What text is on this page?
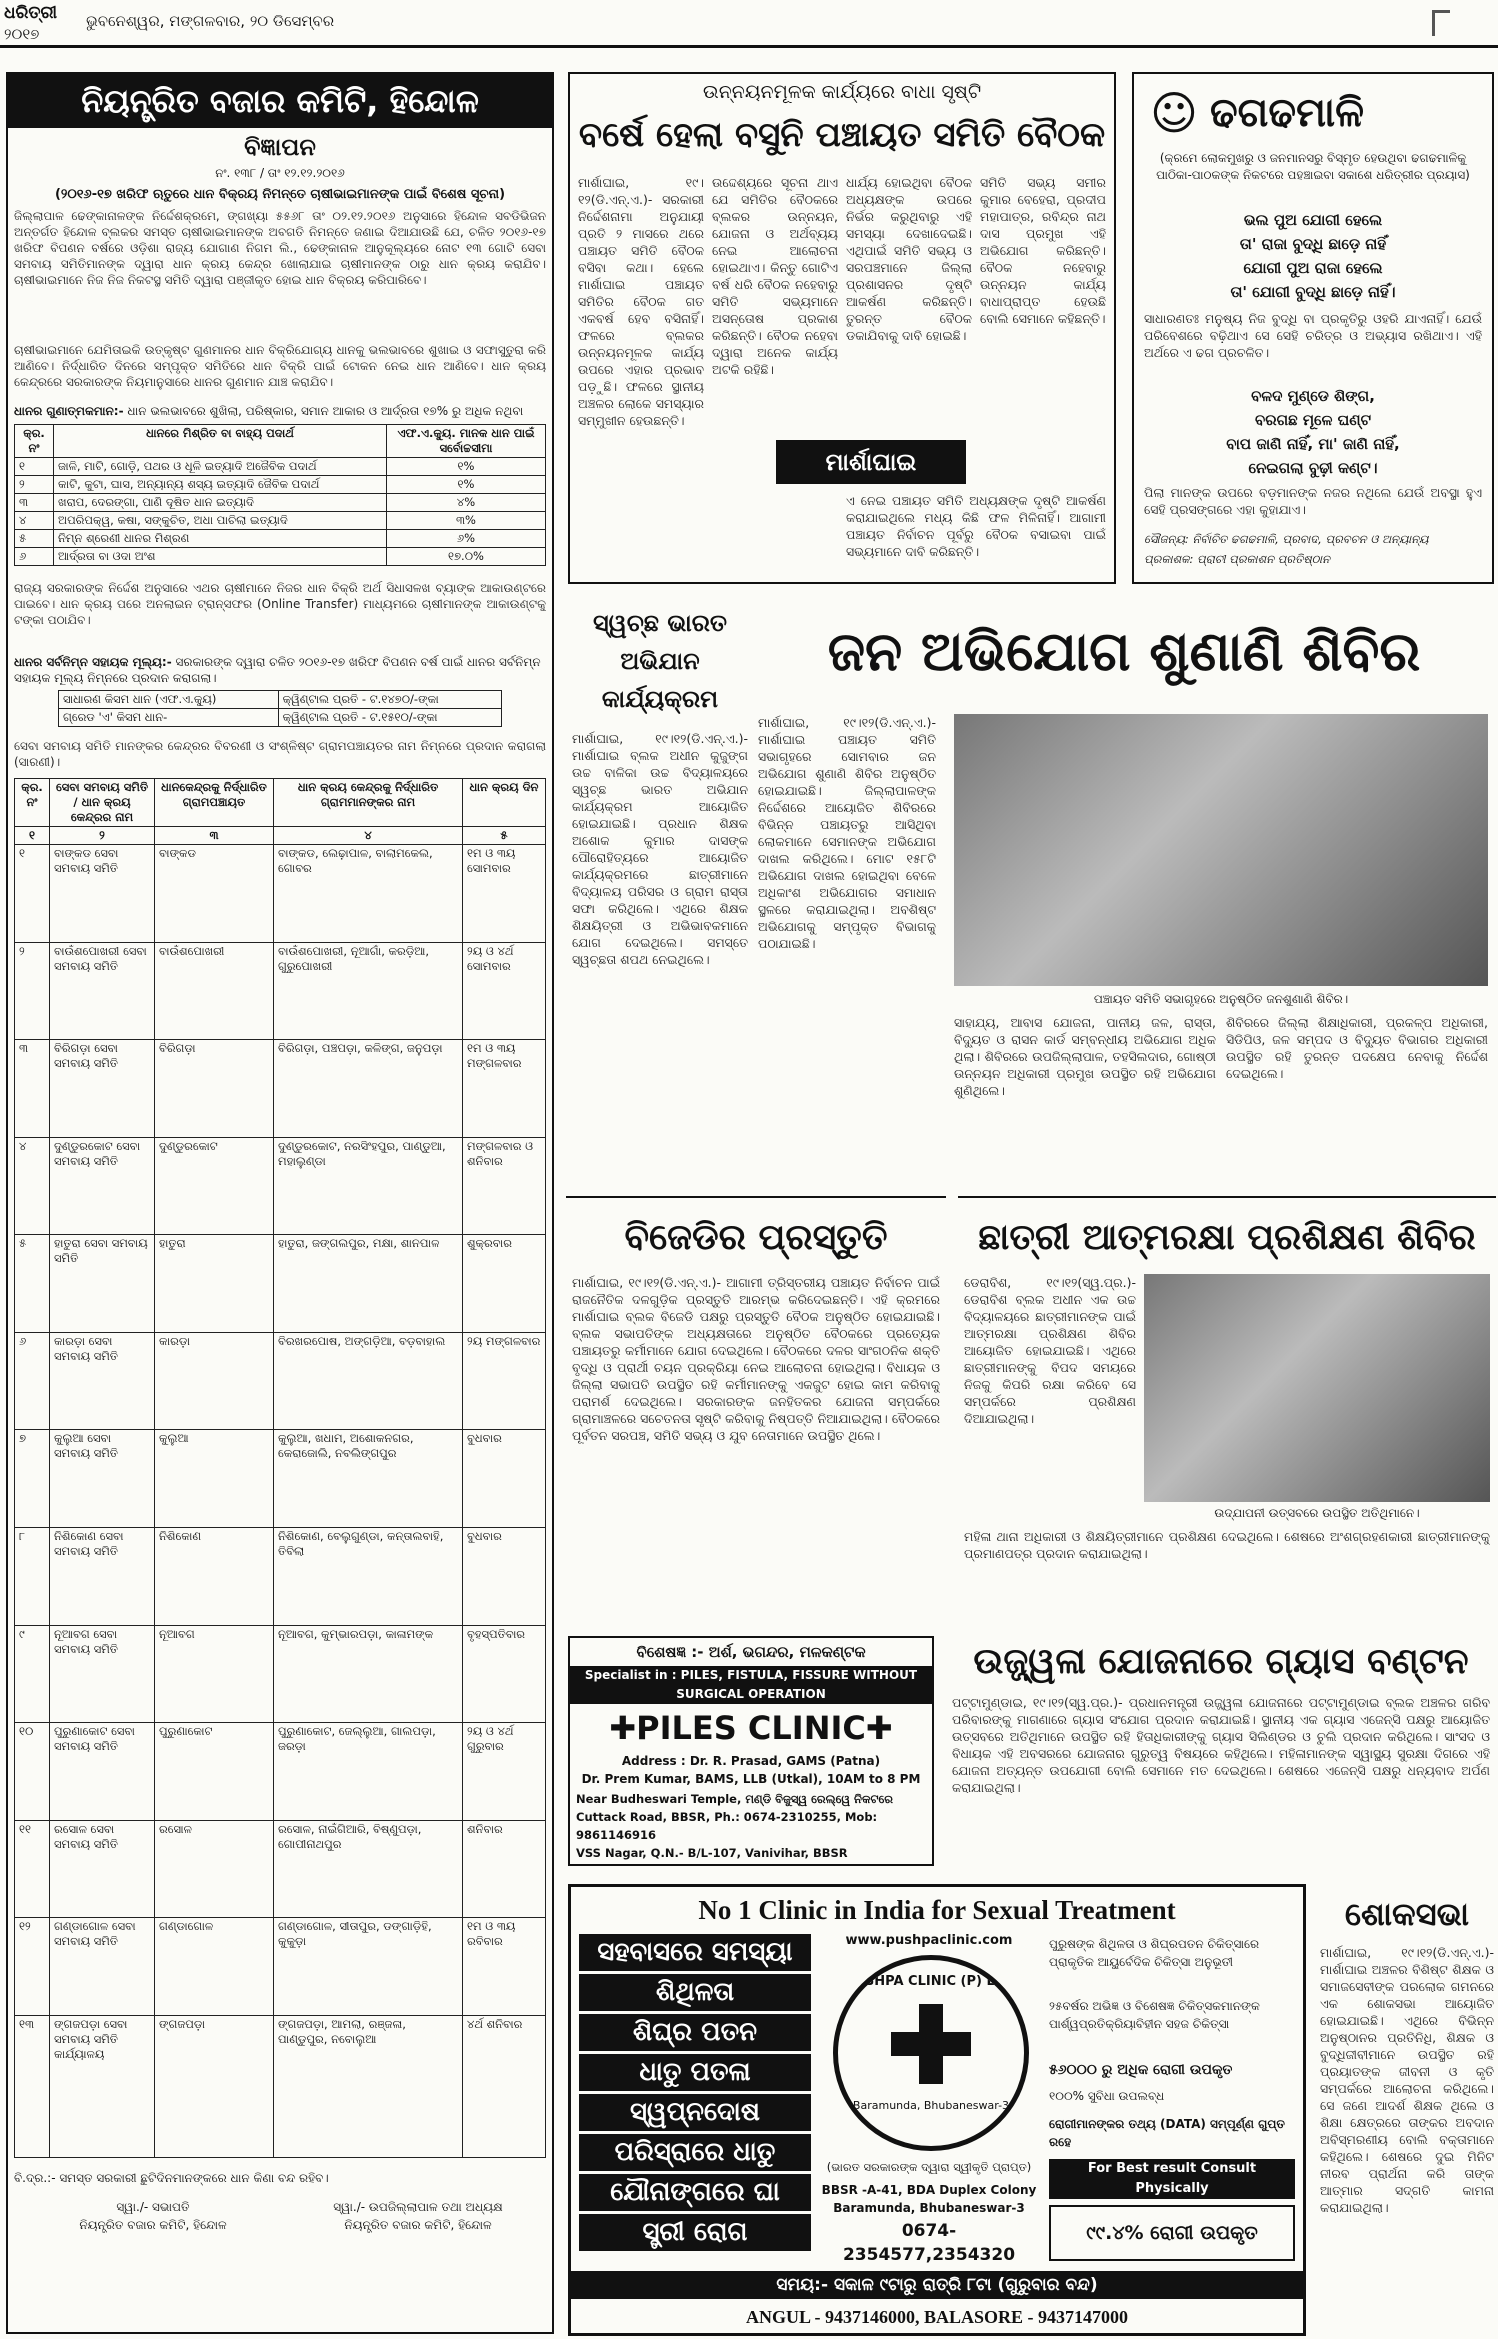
ଧରିତ୍ରୀ
୨୦୧୭
ଭୁବନେଶ୍ୱର, ମଙ୍ଗଳବାର, ୨୦ ଡିସେମ୍ବର
ନିୟନ୍ତ୍ରିତ ବଜାର କମିଟି, ହିନ୍ଦୋଳ
ବିଜ୍ଞାପନ
ନଂ. ୧୩୮ / ତାଂ ୧୨.୧୨.୨୦୧୬
(୨୦୧୬-୧୭ ଖରିଫ ଋତୁରେ ଧାନ ବିକ୍ରୟ ନିମନ୍ତେ ଚାଷୀଭାଇମାନଙ୍କ ପାଇଁ ବିଶେଷ ସୂଚନା)
ଜିଲ୍ଲାପାଳ ଢେଙ୍କାନାଳଙ୍କ ନିର୍ଦ୍ଦେଶକ୍ରମେ, ଙ୍ଗଖ୍ୟା ୫୫୬୮ ତାଂ ୦୨.୧୨.୨୦୧୬ ଅନୁସାରେ ହିନ୍ଦୋଳ ସବଡିଭିଜନ ଅନ୍ତର୍ଗତ ହିନ୍ଦୋଳ ବ୍ଲକର ସମସ୍ତ ଚାଷୀଭାଇମାନଙ୍କ ଅବଗତି ନିମନ୍ତେ ଜଣାଇ ଦିଆଯାଉଛି ଯେ, ଚଳିତ ୨୦୧୬-୧୭ ଖରିଫ ବିପଣନ ବର୍ଷରେ ଓଡ଼ିଶା ରାଜ୍ୟ ଯୋଗାଣ ନିଗମ ଲି., ଢେଙ୍କାନାଳ ଆନୁକୂଲ୍ୟରେ ନୋଟ ୧୩ ଗୋଟି ସେବା ସମବାୟ ସମିତିମାନଙ୍କ ଦ୍ୱାରା ଧାନ କ୍ରୟ କେନ୍ଦ୍ର ଖୋଲାଯାଇ ଚାଷୀମାନଙ୍କ ଠାରୁ ଧାନ କ୍ରୟ କରାଯିବ। ଚାଷୀଭାଇମାନେ ନିଜ ନିଜ ନିକଟସ୍ଥ ସମିତି ଦ୍ୱାରା ପଞ୍ଜୀକୃତ ହୋଇ ଧାନ ବିକ୍ରୟ କରିପାରିବେ।
ଚାଷୀଭାଇମାନେ ଯେମିତାଇକି ଉତ୍କୃଷ୍ଟ ଗୁଣମାନର ଧାନ ବିକ୍ରିଯୋଗ୍ୟ ଧାନକୁ ଭଲଭାବରେ ଶୁଖାଇ ଓ ସଫାସୁତୁରା କରି ଆଣିବେ। ନିର୍ଦ୍ଧାରିତ ଦିନରେ ସମ୍ପୃକ୍ତ ସମିତିରେ ଧାନ ବିକ୍ରି ପାଇଁ ଟୋକନ ନେଇ ଧାନ ଆଣିବେ। ଧାନ କ୍ରୟ କେନ୍ଦ୍ରରେ ସରକାରଙ୍କ ନିୟମାନୁସାରେ ଧାନର ଗୁଣମାନ ଯାଞ୍ଚ କରାଯିବ।
ଧାନର ଗୁଣାତ୍ମକମାନ:- ଧାନ ଭଲଭାବରେ ଶୁଖିଲା, ପରିଷ୍କାର, ସମାନ ଆକାର ଓ ଆର୍ଦ୍ରତା ୧୭% ରୁ ଅଧିକ ନଥିବା
କ୍ର. ନଂ	ଧାନରେ ମିଶ୍ରିତ ବା ବାହ୍ୟ ପଦାର୍ଥ	ଏଫ.ଏ.କ୍ୟୁ. ମାନକ ଧାନ ପାଇଁ ସର୍ବୋଚ୍ଚସୀମା
୧	ଜାଳି, ମାଟି, ଗୋଡ଼ି, ପଥର ଓ ଧୂଳି ଇତ୍ୟାଦି ଅଜୈବିକ ପଦାର୍ଥ	୧%
୨	କାଟି, କୁଟା, ଘାସ, ଅନ୍ୟାନ୍ୟ ଶସ୍ୟ ଇତ୍ୟାଦି ଜୈବିକ ପଦାର୍ଥ	୧%
୩	ଖରାପ, ଦେରଙ୍ଗା, ପାଣି ଦୂଷିତ ଧାନ ଇତ୍ୟାଦି	୪%
୪	ଅପରିପକ୍ୱ, କଷା, ସଙ୍କୁଚିତ, ଅଧା ପାଚିଲା ଇତ୍ୟାଦି	୩%
୫	ନିମ୍ନ ଶ୍ରେଣୀ ଧାନର ମିଶ୍ରଣ	୬%
୬	ଆର୍ଦ୍ରତା ବା ଓଦା ଅଂଶ	୧୭.୦%
ରାଜ୍ୟ ସରକାରଙ୍କ ନିର୍ଦ୍ଦେଶ ଅନୁସାରେ ଏଥର ଚାଷୀମାନେ ନିଜର ଧାନ ବିକ୍ରି ଅର୍ଥ ସିଧାସଳଖ ବ୍ୟାଙ୍କ ଆକାଉଣ୍ଟରେ ପାଇବେ। ଧାନ କ୍ରୟ ପରେ ଅନଲାଇନ ଟ୍ରାନ୍ସଫର (Online Transfer) ମାଧ୍ୟମରେ ଚାଷୀମାନଙ୍କ ଆକାଉଣ୍ଟକୁ ଟଙ୍କା ପଠାଯିବ।
ଧାନର ସର୍ବନିମ୍ନ ସହାୟକ ମୂଲ୍ୟ:- ସରକାରଙ୍କ ଦ୍ୱାରା ଚଳିତ ୨୦୧୬-୧୭ ଖରିଫ ବିପଣନ ବର୍ଷ ପାଇଁ ଧାନର ସର୍ବନିମ୍ନ ସହାୟକ ମୂଲ୍ୟ ନିମ୍ନରେ ପ୍ରଦାନ କରାଗଲା।
ସାଧାରଣ କିସମ ଧାନ (ଏଫ.ଏ.କ୍ୟୁ)	କ୍ୱିଣ୍ଟାଲ ପ୍ରତି - ଟ.୧୪୭୦/-ଙ୍କା
ଗ୍ରେଡ 'ଏ' କିସମ ଧାନ-	କ୍ୱିଣ୍ଟାଲ ପ୍ରତି - ଟ.୧୫୧୦/-ଙ୍କା
ସେବା ସମବାୟ ସମିତି ମାନଙ୍କର କେନ୍ଦ୍ରର ବିବରଣୀ ଓ ସଂଶ୍ଳିଷ୍ଟ ଗ୍ରାମପଞ୍ଚାୟତର ନାମ ନିମ୍ନରେ ପ୍ରଦାନ କରାଗଲା (ସାରଣୀ)।
କ୍ର. ନଂ	ସେବା ସମବାୟ ସମିତି / ଧାନ କ୍ରୟ କେନ୍ଦ୍ରର ନାମ	ଧାନକେନ୍ଦ୍ରକୁ ନିର୍ଦ୍ଧାରିତ ଗ୍ରାମପଞ୍ଚାୟତ	ଧାନ କ୍ରୟ କେନ୍ଦ୍ରକୁ ନିର୍ଦ୍ଧାରିତ ଗ୍ରାମମାନଙ୍କର ନାମ	ଧାନ କ୍ରୟ ଦିନ
୧	୨	୩	୪	୫
୧	ବାଙ୍କଡ ସେବା ସମବାୟ ସମିତି	ବାଙ୍କଡ	ବାଙ୍କଡ, ଲେଢ଼ାପାଳ, ବାଲାମକେଲ, ଗୋବର	୧ମ ଓ ୩ୟ ସୋମବାର
୨	ବାଉଁଶପୋଖରୀ ସେବା ସମବାୟ ସମିତି	ବାଉଁଶପୋଖରୀ	ବାଉଁଶପୋଖରୀ, ନୂଆଗାଁ, କରଡ଼ିଆ, ଗୁରୁପୋଖରୀ	୨ୟ ଓ ୪ର୍ଥ ସୋମବାର
୩	ବିରିଗଡ଼ା ସେବା ସମବାୟ ସମିତି	ବିରିଗଡ଼ା	ବିରିଗଡ଼ା, ପଞ୍ଚପଡ଼ା, କଳିଙ୍ଗ, ଜନୁପଡ଼ା	୧ମ ଓ ୩ୟ ମଙ୍ଗଳବାର
୪	ଦୁଣ୍ଡୁରକୋଟ ସେବା ସମବାୟ ସମିତି	ଦୁଣ୍ଡୁରକୋଟ	ଦୁଣ୍ଡୁରକୋଟ, ନରସିଂହପୁର, ପାଣ୍ଡୁଆ, ମହାଲୁଣ୍ଡା	ମଙ୍ଗଳବାର ଓ ଶନିବାର
୫	ହାତୁରା ସେବା ସମବାୟ ସମିତି	ହାତୁରା	ହାତୁରା, ଜଙ୍ଗଲପୁର, ମକ୍ଷା, ଶାନପାଳ	ଶୁକ୍ରବାର
୬	କାରଡ଼ା ସେବା ସମବାୟ ସମିତି	କାରଡ଼ା	ବିରଖରପୋଷ, ଅଙ୍ଗଡ଼ିଆ, ବଡ଼ବାହାଲ	୨ୟ ମଙ୍ଗଳବାର
୭	କୁଲୁଆ ସେବା ସମବାୟ ସମିତି	କୁଲୁଆ	କୁଲୁଆ, ଖଧାମ, ଅଶୋକନଗର, କେରାଜୋଲି, ନବଲିଙ୍ଗପୁର	ବୁଧବାର
୮	ନିଶିକୋଣ ସେବା ସମବାୟ ସମିତି	ନିଶିକୋଣ	ନିଶିକୋଣ, ବେଲୁଗୁଣ୍ଡା, କନ୍ତାଲବାହି, ତିବିଲା	ବୁଧବାର
୯	ନୂଆବଗ ସେବା ସମବାୟ ସମିତି	ନୂଆବଗ	ନୂଆବଗ, କୁମ୍ଭାରପଡ଼ା, କାଳାମଙ୍କ	ବୃହସ୍ପତିବାର
୧୦	ପୁରୁଣାକୋଟ ସେବା ସମବାୟ ସମିତି	ପୁରୁଣାକୋଟ	ପୁରୁଣାକୋଟ, ଜେଲ୍ଲୁଆ, ଗାଲପଡ଼ା, ଜରଡ଼ା	୨ୟ ଓ ୪ର୍ଥ ଗୁରୁବାର
୧୧	ରସୋଳ ସେବା ସମବାୟ ସମିତି	ରସୋଳ	ରସୋଳ, ନାଇଁଗିଆରି, ବିଷ୍ଣୁପଡ଼ା, ଗୋପୀନାଥପୁର	ଶନିବାର
୧୨	ଗଣ୍ଡାଗୋଳ ସେବା ସମବାୟ ସମିତି	ଗଣ୍ଡାଗୋଳ	ଗଣ୍ଡାଗୋଳ, ସୀତାପୁର, ଡଙ୍ଗାଡ଼ିହି, କୁକୁଡ଼ା	୧ମ ଓ ୩ୟ ରବିବାର
୧୩	ଙ୍ଗଜପଡ଼ା ସେବା ସମବାୟ ସମିତି କାର୍ଯ୍ୟାଳୟ	ଙ୍ଗଜପଡ଼ା	ଙ୍ଗଜପଡ଼ା, ଆମଲା, ରଞ୍ଜଳା, ପାଣ୍ଡୁପୁର, ନବୋଲୁଆ	୪ର୍ଥ ଶନିବାର
ବି.ଦ୍ର.:- ସମସ୍ତ ସରକାରୀ ଛୁଟିଦିନମାନଙ୍କରେ ଧାନ କିଣା ବନ୍ଦ ରହିବ।
ସ୍ୱା./- ସଭାପତି
ନିୟନ୍ତ୍ରିତ ବଜାର କମିଟି, ହିନ୍ଦୋଳ
ସ୍ୱା./- ଉପଜିଲ୍ଲାପାଳ ତଥା ଅଧ୍ୟକ୍ଷ
ନିୟନ୍ତ୍ରିତ ବଜାର କମିଟି, ହିନ୍ଦୋଳ
ଉନ୍ନୟନମୂଳକ କାର୍ଯ୍ୟରେ ବାଧା ସୃଷ୍ଟି
ବର୍ଷେ ହେଲା ବସୁନି ପଞ୍ଚାୟତ ସମିତି ବୈଠକ
ମାର୍ଶାଘାଇ, ୧୯।୧୨(ଡି.ଏନ୍.ଏ.)- ସରକାରୀ ନିର୍ଦ୍ଦେଶନାମା ଅନୁଯାୟୀ ପ୍ରତି ୨ ମାସରେ ଥରେ ପଞ୍ଚାୟତ ସମିତି ବୈଠକ ବସିବା କଥା। ହେଲେ ମାର୍ଶାଘାଇ ପଞ୍ଚାୟତ ସମିତିର ବୈଠକ ଗତ ଏକବର୍ଷ ହେବ ବସିନାହିଁ। ଫଳରେ ବ୍ଲକର ଉନ୍ନୟନମୂଳକ କାର୍ଯ୍ୟ ଉପରେ ଏହାର ପ୍ରଭାବ ପଡ଼ୁଛି। ଫଳରେ ସ୍ଥାନୀୟ ଅଞ୍ଚଳର ଲୋକେ ସମସ୍ୟାର ସମ୍ମୁଖୀନ ହେଉଛନ୍ତି।
ଉଦ୍ଦେଶ୍ୟରେ ସୂଚନା ଥାଏ ଯେ ସମିତିର ବୈଠକରେ ବ୍ଲକର ଉନ୍ନୟନ, ଯୋଜନା ଓ ଅର୍ଥବ୍ୟୟ ନେଇ ଆଲୋଚନା ହୋଇଥାଏ। କିନ୍ତୁ ଗୋଟିଏ ବର୍ଷ ଧରି ବୈଠକ ନହେବାରୁ ସମିତି ସଭ୍ୟମାନେ ଅସନ୍ତୋଷ ପ୍ରକାଶ କରିଛନ୍ତି। ବୈଠକ ନହେବା ଦ୍ୱାରା ଅନେକ କାର୍ଯ୍ୟ ଅଟକି ରହିଛି।
ଧାର୍ଯ୍ୟ ହୋଇଥିବା ବୈଠକ ଅଧ୍ୟକ୍ଷଙ୍କ ଉପରେ ନିର୍ଭର କରୁଥିବାରୁ ଏହି ସମସ୍ୟା ଦେଖାଦେଇଛି। ଏଥିପାଇଁ ସମିତି ସଭ୍ୟ ଓ ସରପଞ୍ଚମାନେ ଜିଲ୍ଲା ପ୍ରଶାସନର ଦୃଷ୍ଟି ଆକର୍ଷଣ କରିଛନ୍ତି। ତୁରନ୍ତ ବୈଠକ ଡକାଯିବାକୁ ଦାବି ହୋଇଛି।
ସମିତି ସଭ୍ୟ ସମୀର କୁମାର ବେହେରା, ପ୍ରଦୀପ ମହାପାତ୍ର, ରବିନ୍ଦ୍ର ନାଥ ଦାସ ପ୍ରମୁଖ ଏହି ଅଭିଯୋଗ କରିଛନ୍ତି। ବୈଠକ ନହେବାରୁ ଉନ୍ନୟନ କାର୍ଯ୍ୟ ବାଧାପ୍ରାପ୍ତ ହେଉଛି ବୋଲି ସେମାନେ କହିଛନ୍ତି।
ମାର୍ଶାଘାଇ
ଏ ନେଇ ପଞ୍ଚାୟତ ସମିତି ଅଧ୍ୟକ୍ଷଙ୍କ ଦୃଷ୍ଟି ଆକର୍ଷଣ କରାଯାଇଥିଲେ ମଧ୍ୟ କିଛି ଫଳ ମିଳିନାହିଁ। ଆଗାମୀ ପଞ୍ଚାୟତ ନିର୍ବାଚନ ପୂର୍ବରୁ ବୈଠକ ବସାଇବା ପାଇଁ ସଭ୍ୟମାନେ ଦାବି କରିଛନ୍ତି।
☺ ଢଗଢମାଳି
(କ୍ରମେ ଲୋକମୁଖରୁ ଓ ଜନମାନସରୁ ବିସ୍ମୃତ ହେଉଥିବା ଢଗଢମାଳିକୁ ପାଠିକା-ପାଠକଙ୍କ ନିକଟରେ ପହଞ୍ଚାଇବା ସକାଶେ ଧରିତ୍ରୀର ପ୍ରୟାସ)
ଭଲ ପୁଅ ଯୋଗୀ ହେଲେ
ତା' ରାଜା ବୁଦ୍ଧି ଛାଡ଼େ ନାହିଁ
ଯୋଗୀ ପୁଅ ରାଜା ହେଲେ
ତା' ଯୋଗୀ ବୁଦ୍ଧି ଛାଡ଼େ ନାହିଁ।
ସାଧାରଣତଃ ମନୁଷ୍ୟ ନିଜ ବୁଦ୍ଧି ବା ପ୍ରକୃତିରୁ ଓହରି ଯାଏନାହିଁ। ଯେଉଁ ପରିବେଶରେ ବଢ଼ିଥାଏ ସେ ସେହି ଚରିତ୍ର ଓ ଅଭ୍ୟାସ ରଖିଥାଏ। ଏହି ଅର୍ଥରେ ଏ ଢଗ ପ୍ରଚଳିତ।
ବଳଦ ମୁଣ୍ଡେ ଶିଙ୍ଗ,
ବରଗଛ ମୂଳେ ଘଣ୍ଟ
ବାପ ଜାଣି ନାହିଁ, ମା' ଜାଣି ନାହିଁ,
ନେଇଗଲା ବୁଢ଼ୀ କଣ୍ଟ।
ପିଲା ମାନଙ୍କ ଉପରେ ବଡ଼ମାନଙ୍କ ନଜର ନଥିଲେ ଯେଉଁ ଅବସ୍ଥା ହୁଏ ସେହି ପ୍ରସଙ୍ଗରେ ଏହା କୁହାଯାଏ।
ସୌଜନ୍ୟ: ନିର୍ବାଚିତ ଢଗଢମାଳି, ପ୍ରବାଦ, ପ୍ରବଚନ ଓ ଅନ୍ୟାନ୍ୟ
ପ୍ରକାଶକ: ପ୍ରାଚୀ ପ୍ରକାଶନ ପ୍ରତିଷ୍ଠାନ
ସ୍ୱଚ୍ଛ ଭାରତ ଅଭିଯାନ କାର୍ଯ୍ୟକ୍ରମ
ଜନ ଅଭିଯୋଗ ଶୁଣାଣି ଶିବିର
ମାର୍ଶାଘାଇ, ୧୯।୧୨(ଡି.ଏନ୍.ଏ.)- ମାର୍ଶାଘାଇ ବ୍ଲକ ଅଧୀନ କୁଜୁଙ୍ଗ ଉଚ୍ଚ ବାଳିକା ଉଚ୍ଚ ବିଦ୍ୟାଳୟରେ ସ୍ୱଚ୍ଛ ଭାରତ ଅଭିଯାନ କାର୍ଯ୍ୟକ୍ରମ ଆୟୋଜିତ ହୋଇଯାଇଛି। ପ୍ରଧାନ ଶିକ୍ଷକ ଅଶୋକ କୁମାର ଦାସଙ୍କ ପୌରୋହିତ୍ୟରେ ଆୟୋଜିତ କାର୍ଯ୍ୟକ୍ରମରେ ଛାତ୍ରୀମାନେ ବିଦ୍ୟାଳୟ ପରିସର ଓ ଗ୍ରାମ ରାସ୍ତା ସଫା କରିଥିଲେ। ଏଥିରେ ଶିକ୍ଷକ ଶିକ୍ଷୟିତ୍ରୀ ଓ ଅଭିଭାବକମାନେ ଯୋଗ ଦେଇଥିଲେ। ସମସ୍ତେ ସ୍ୱଚ୍ଛତା ଶପଥ ନେଇଥିଲେ।
ମାର୍ଶାଘାଇ, ୧୯।୧୨(ଡି.ଏନ୍.ଏ.)- ମାର୍ଶାଘାଇ ପଞ୍ଚାୟତ ସମିତି ସଭାଗୃହରେ ସୋମବାର ଜନ ଅଭିଯୋଗ ଶୁଣାଣି ଶିବିର ଅନୁଷ୍ଠିତ ହୋଇଯାଇଛି। ଜିଲ୍ଲାପାଳଙ୍କ ନିର୍ଦ୍ଦେଶରେ ଆୟୋଜିତ ଶିବିରରେ ବିଭିନ୍ନ ପଞ୍ଚାୟତରୁ ଆସିଥିବା ଲୋକମାନେ ସେମାନଙ୍କ ଅଭିଯୋଗ ଦାଖଲ କରିଥିଲେ। ମୋଟ ୧୫୮ଟି ଅଭିଯୋଗ ଦାଖଲ ହୋଇଥିବା ବେଳେ ଅଧିକାଂଶ ଅଭିଯୋଗର ସମାଧାନ ସ୍ଥଳରେ କରାଯାଇଥିଲା। ଅବଶିଷ୍ଟ ଅଭିଯୋଗକୁ ସମ୍ପୃକ୍ତ ବିଭାଗକୁ ପଠାଯାଇଛି।
ପଞ୍ଚାୟତ ସମିତି ସଭାଗୃହରେ ଅନୁଷ୍ଠିତ ଜନଶୁଣାଣି ଶିବିର।
ସାହାଯ୍ୟ, ଆବାସ ଯୋଜନା, ପାନୀୟ ଜଳ, ରାସ୍ତା, ବିଦ୍ୟୁତ ଓ ରାସନ କାର୍ଡ ସମ୍ବନ୍ଧୀୟ ଅଭିଯୋଗ ଅଧିକ ଥିଲା। ଶିବିରରେ ଉପଜିଲ୍ଲାପାଳ, ତହସିଲଦାର, ଗୋଷ୍ଠୀ ଉନ୍ନୟନ ଅଧିକାରୀ ପ୍ରମୁଖ ଉପସ୍ଥିତ ରହି ଅଭିଯୋଗ ଶୁଣିଥିଲେ।
ଶିବିରରେ ଜିଲ୍ଲା ଶିକ୍ଷାଧିକାରୀ, ପ୍ରକଳ୍ପ ଅଧିକାରୀ, ସିଡିପିଓ, ଜଳ ସମ୍ପଦ ଓ ବିଦ୍ୟୁତ ବିଭାଗର ଅଧିକାରୀ ଉପସ୍ଥିତ ରହି ତୁରନ୍ତ ପଦକ୍ଷେପ ନେବାକୁ ନିର୍ଦ୍ଦେଶ ଦେଇଥିଲେ।
ବିଜେଡିର ପ୍ରସ୍ତୁତି
ମାର୍ଶାଘାଇ, ୧୯।୧୨(ଡି.ଏନ୍.ଏ.)- ଆଗାମୀ ତ୍ରିସ୍ତରୀୟ ପଞ୍ଚାୟତ ନିର୍ବାଚନ ପାଇଁ ରାଜନୈତିକ ଦଳଗୁଡ଼ିକ ପ୍ରସ୍ତୁତି ଆରମ୍ଭ କରିଦେଇଛନ୍ତି। ଏହି କ୍ରମରେ ମାର୍ଶାଘାଇ ବ୍ଲକ ବିଜେଡି ପକ୍ଷରୁ ପ୍ରସ୍ତୁତି ବୈଠକ ଅନୁଷ୍ଠିତ ହୋଇଯାଇଛି। ବ୍ଲକ ସଭାପତିଙ୍କ ଅଧ୍ୟକ୍ଷତାରେ ଅନୁଷ୍ଠିତ ବୈଠକରେ ପ୍ରତ୍ୟେକ ପଞ୍ଚାୟତରୁ କର୍ମୀମାନେ ଯୋଗ ଦେଇଥିଲେ। ବୈଠକରେ ଦଳର ସାଂଗଠନିକ ଶକ୍ତି ବୃଦ୍ଧି ଓ ପ୍ରାର୍ଥୀ ଚୟନ ପ୍ରକ୍ରିୟା ନେଇ ଆଲୋଚନା ହୋଇଥିଲା। ବିଧାୟକ ଓ ଜିଲ୍ଲା ସଭାପତି ଉପସ୍ଥିତ ରହି କର୍ମୀମାନଙ୍କୁ ଏକଜୁଟ ହୋଇ କାମ କରିବାକୁ ପରାମର୍ଶ ଦେଇଥିଲେ। ସରକାରଙ୍କ ଜନହିତକର ଯୋଜନା ସମ୍ପର୍କରେ ଗ୍ରାମାଞ୍ଚଳରେ ସଚେତନତା ସୃଷ୍ଟି କରିବାକୁ ନିଷ୍ପତ୍ତି ନିଆଯାଇଥିଲା। ବୈଠକରେ ପୂର୍ବତନ ସରପଞ୍ଚ, ସମିତି ସଭ୍ୟ ଓ ଯୁବ ନେତାମାନେ ଉପସ୍ଥିତ ଥିଲେ।
ଛାତ୍ରୀ ଆତ୍ମରକ୍ଷା ପ୍ରଶିକ୍ଷଣ ଶିବିର
ଡେରାବିଶ, ୧୯।୧୨(ସ୍ୱ.ପ୍ର.)- ଡେରାବିଶ ବ୍ଲକ ଅଧୀନ ଏକ ଉଚ୍ଚ ବିଦ୍ୟାଳୟରେ ଛାତ୍ରୀମାନଙ୍କ ପାଇଁ ଆତ୍ମରକ୍ଷା ପ୍ରଶିକ୍ଷଣ ଶିବିର ଆୟୋଜିତ ହୋଇଯାଇଛି। ଏଥିରେ ଛାତ୍ରୀମାନଙ୍କୁ ବିପଦ ସମୟରେ ନିଜକୁ କିପରି ରକ୍ଷା କରିବେ ସେ ସମ୍ପର୍କରେ ପ୍ରଶିକ୍ଷଣ ଦିଆଯାଇଥିଲା।
ଉଦ୍‌ଯାପନୀ ଉତ୍ସବରେ ଉପସ୍ଥିତ ଅତିଥିମାନେ।
ମହିଳା ଥାନା ଅଧିକାରୀ ଓ ଶିକ୍ଷୟିତ୍ରୀମାନେ ପ୍ରଶିକ୍ଷଣ ଦେଇଥିଲେ। ଶେଷରେ ଅଂଶଗ୍ରହଣକାରୀ ଛାତ୍ରୀମାନଙ୍କୁ ପ୍ରମାଣପତ୍ର ପ୍ରଦାନ କରାଯାଇଥିଲା।
ବିଶେଷଜ୍ଞ :- ଅର୍ଶ, ଭଗନ୍ଦର, ମଳକଣ୍ଟକ
Specialist in : PILES, FISTULA, FISSURE WITHOUT SURGICAL OPERATION
✚PILES CLINIC✚
Address : Dr. R. Prasad, GAMS (Patna)
Dr. Prem Kumar, BAMS, LLB (Utkal), 10AM to 8 PM
Near Budheswari Temple, ମଣ୍ଡି ବିଜୁସ୍ୱ ରେଲ୍ୱେ ନିକଟରେ
Cuttack Road, BBSR, Ph.: 0674-2310255, Mob: 9861146916
VSS Nagar, Q.N.- B/L-107, Vanivihar, BBSR

ଉଜ୍ଜ୍ୱଳା ଯୋଜନାରେ ଗ୍ୟାସ ବଣ୍ଟନ
ପଟ୍ଟାମୁଣ୍ଡାଇ, ୧୯।୧୨(ସ୍ୱ.ପ୍ର.)- ପ୍ରଧାନମନ୍ତ୍ରୀ ଉଜ୍ଜ୍ୱଳା ଯୋଜନାରେ ପଟ୍ଟାମୁଣ୍ଡାଇ ବ୍ଲକ ଅଞ୍ଚଳର ଗରିବ ପରିବାରଙ୍କୁ ମାଗଣାରେ ଗ୍ୟାସ ସଂଯୋଗ ପ୍ରଦାନ କରାଯାଇଛି। ସ୍ଥାନୀୟ ଏକ ଗ୍ୟାସ ଏଜେନ୍ସି ପକ୍ଷରୁ ଆୟୋଜିତ ଉତ୍ସବରେ ଅତିଥିମାନେ ଉପସ୍ଥିତ ରହି ହିତାଧିକାରୀଙ୍କୁ ଗ୍ୟାସ ସିଲିଣ୍ଡର ଓ ଚୁଲି ପ୍ରଦାନ କରିଥିଲେ। ସାଂସଦ ଓ ବିଧାୟକ ଏହି ଅବସରରେ ଯୋଜନାର ଗୁରୁତ୍ୱ ବିଷୟରେ କହିଥିଲେ। ମହିଳାମାନଙ୍କ ସ୍ୱାସ୍ଥ୍ୟ ସୁରକ୍ଷା ଦିଗରେ ଏହି ଯୋଜନା ଅତ୍ୟନ୍ତ ଉପଯୋଗୀ ବୋଲି ସେମାନେ ମତ ଦେଇଥିଲେ। ଶେଷରେ ଏଜେନ୍ସି ପକ୍ଷରୁ ଧନ୍ୟବାଦ ଅର୍ପଣ କରାଯାଇଥିଲା।
No 1 Clinic in India for Sexual Treatment
ସହବାସରେ ସମସ୍ୟା
ଶିଥିଳତା
ଶିଘ୍ର ପତନ
ଧାତୁ ପତଳା
ସ୍ୱପ୍ନଦୋଷ
ପରିସ୍ରାରେ ଧାତୁ
ଯୌନାଙ୍ଗରେ ଘା
ସ୍ତ୍ରୀ ରୋଗ
www.pushpaclinic.com
PUSHPA CLINIC (P) LTD.
Baramunda, Bhubaneswar-3
(ଭାରତ ସରକାରଙ୍କ ଦ୍ୱାରା ସ୍ୱୀକୃତି ପ୍ରାପ୍ତ)
BBSR -A-41, BDA Duplex Colony
Baramunda, Bhubaneswar-3
0674-2354577,2354320

ପୁରୁଷଙ୍କ ଶିଥିଳତା ଓ ଶିଘ୍ରପତନ ଚିକିତ୍ସାରେ ପ୍ରାକୃତିକ ଆୟୁର୍ବେଦିକ ଚିକିତ୍ସା ଅନୁଭୂତୀ
୨୫ବର୍ଷର ଅଭିଜ୍ଞ ଓ ବିଶେଷଜ୍ଞ ଚିକିତ୍ସକମାନଙ୍କ ପାର୍ଶ୍ୱପ୍ରତିକ୍ରିୟାବିହୀନ ସହଜ ଚିକିତ୍ସା
୫୬୦୦୦ ରୁ ଅଧିକ ରୋଗୀ ଉପକୃତ
୧୦୦% ସୁବିଧା ଉପଲବ୍ଧ
ରୋଗୀମାନଙ୍କର ତଥ୍ୟ (DATA) ସମ୍ପୂର୍ଣ୍ଣ ଗୁପ୍ତ ରହେ
For Best result Consult Physically
୯୯.୪% ରୋଗୀ ଉପକୃତ
ସମୟ:- ସକାଳ ୯ଟାରୁ ରାତ୍ରି ୮ଟା (ଗୁରୁବାର ବନ୍ଦ)
ANGUL - 9437146000, BALASORE - 9437147000
ଶୋକସଭା
ମାର୍ଶାଘାଇ, ୧୯।୧୨(ଡି.ଏନ୍.ଏ.)- ମାର୍ଶାଘାଇ ଅଞ୍ଚଳର ବିଶିଷ୍ଟ ଶିକ୍ଷକ ଓ ସମାଜସେବୀଙ୍କ ପରଲୋକ ଗମନରେ ଏକ ଶୋକସଭା ଆୟୋଜିତ ହୋଇଯାଇଛି। ଏଥିରେ ବିଭିନ୍ନ ଅନୁଷ୍ଠାନର ପ୍ରତିନିଧି, ଶିକ୍ଷକ ଓ ବୁଦ୍ଧିଜୀବୀମାନେ ଉପସ୍ଥିତ ରହି ପ୍ରୟାତଙ୍କ ଜୀବନୀ ଓ କୃତି ସମ୍ପର୍କରେ ଆଲୋଚନା କରିଥିଲେ। ସେ ଜଣେ ଆଦର୍ଶ ଶିକ୍ଷକ ଥିଲେ ଓ ଶିକ୍ଷା କ୍ଷେତ୍ରରେ ତାଙ୍କର ଅବଦାନ ଅବିସ୍ମରଣୀୟ ବୋଲି ବକ୍ତାମାନେ କହିଥିଲେ। ଶେଷରେ ଦୁଇ ମିନିଟ ନୀରବ ପ୍ରାର୍ଥନା କରି ତାଙ୍କ ଆତ୍ମାର ସଦ୍ଗତି କାମନା କରାଯାଇଥିଲା।
